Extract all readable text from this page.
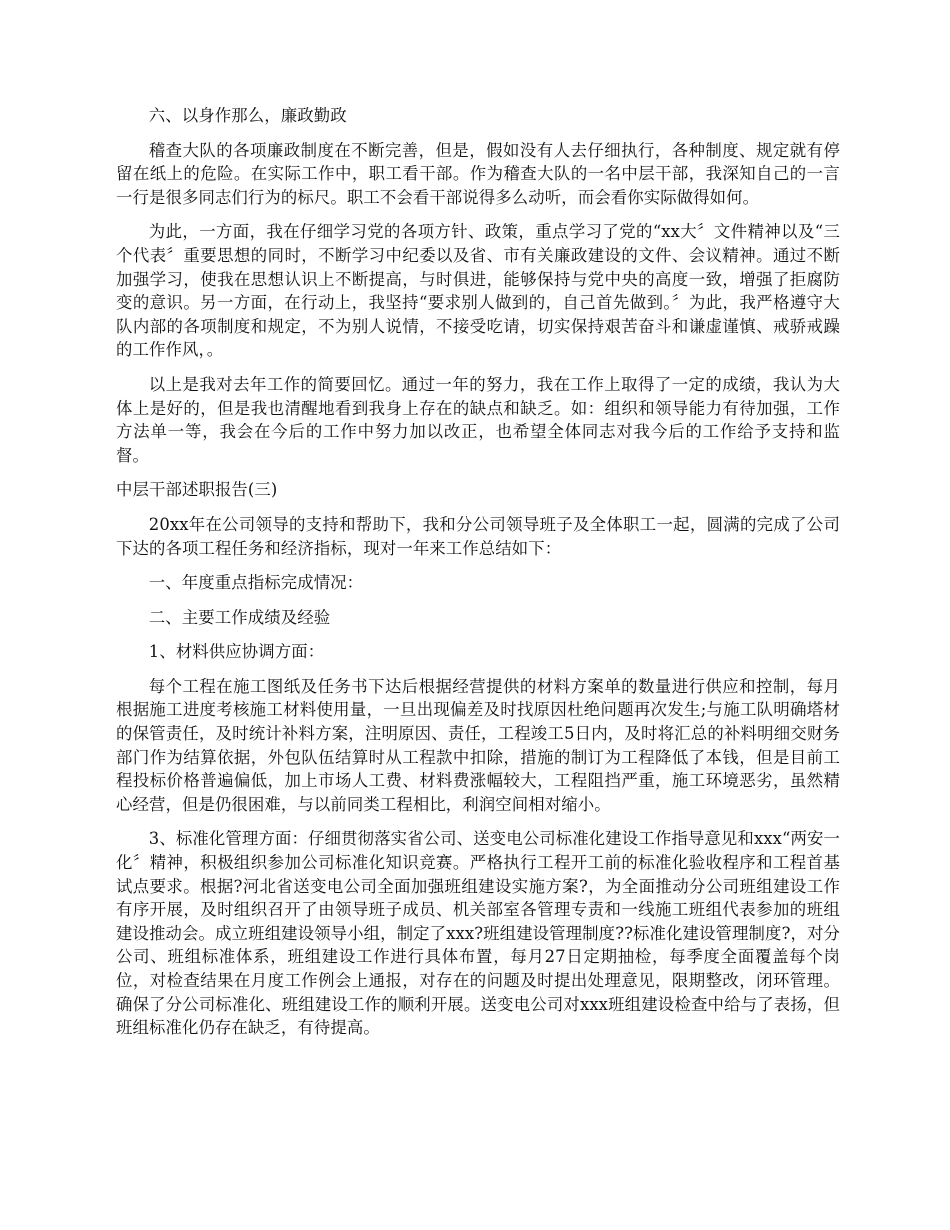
六、以身作那么，廉政勤政

稽查大队的各项廉政制度在不断完善，但是，假如没有人去仔细执行，各种制度、规定就有停留在纸上的危险。在实际工作中，职工看干部。作为稽查大队的一名中层干部，我深知自己的一言一行是很多同志们行为的标尺。职工不会看干部说得多么动听，而会看你实际做得如何。

为此，一方面，我在仔细学习党的各项方针、政策，重点学习了党的“xx大〞文件精神以及“三个代表〞重要思想的同时，不断学习中纪委以及省、市有关廉政建设的文件、会议精神。通过不断加强学习，使我在思想认识上不断提高，与时俱进，能够保持与党中央的高度一致，增强了拒腐防变的意识。另一方面，在行动上，我坚持“要求别人做到的，自己首先做到。〞为此，我严格遵守大队内部的各项制度和规定，不为别人说情，不接受吃请，切实保持艰苦奋斗和谦虚谨慎、戒骄戒躁的工作作风，。

以上是我对去年工作的简要回忆。通过一年的努力，我在工作上取得了一定的成绩，我认为大体上是好的，但是我也清醒地看到我身上存在的缺点和缺乏。如：组织和领导能力有待加强，工作方法单一等，我会在今后的工作中努力加以改正，也希望全体同志对我今后的工作给予支持和监督。

中层干部述职报告(三)

20xx年在公司领导的支持和帮助下，我和分公司领导班子及全体职工一起，圆满的完成了公司下达的各项工程任务和经济指标，现对一年来工作总结如下：

一、年度重点指标完成情况：

二、主要工作成绩及经验

1、材料供应协调方面：

每个工程在施工图纸及任务书下达后根据经营提供的材料方案单的数量进行供应和控制，每月根据施工进度考核施工材料使用量，一旦出现偏差及时找原因杜绝问题再次发生;与施工队明确塔材的保管责任，及时统计补料方案，注明原因、责任，工程竣工5日内，及时将汇总的补料明细交财务部门作为结算依据，外包队伍结算时从工程款中扣除，措施的制订为工程降低了本钱，但是目前工程投标价格普遍偏低，加上市场人工费、材料费涨幅较大，工程阻挡严重，施工环境恶劣，虽然精心经营，但是仍很困难，与以前同类工程相比，利润空间相对缩小。

3、标准化管理方面：仔细贯彻落实省公司、送变电公司标准化建设工作指导意见和xxx“两安一化〞精神，积极组织参加公司标准化知识竞赛。严格执行工程开工前的标准化验收程序和工程首基试点要求。根据?河北省送变电公司全面加强班组建设实施方案?，为全面推动分公司班组建设工作有序开展，及时组织召开了由领导班子成员、机关部室各管理专责和一线施工班组代表参加的班组建设推动会。成立班组建设领导小组，制定了xxx?班组建设管理制度??标准化建设管理制度?，对分公司、班组标准体系，班组建设工作进行具体布置，每月27日定期抽检，每季度全面覆盖每个岗位，对检查结果在月度工作例会上通报，对存在的问题及时提出处理意见，限期整改，闭环管理。确保了分公司标准化、班组建设工作的顺利开展。送变电公司对xxx班组建设检查中给与了表扬，但班组标准化仍存在缺乏，有待提高。
